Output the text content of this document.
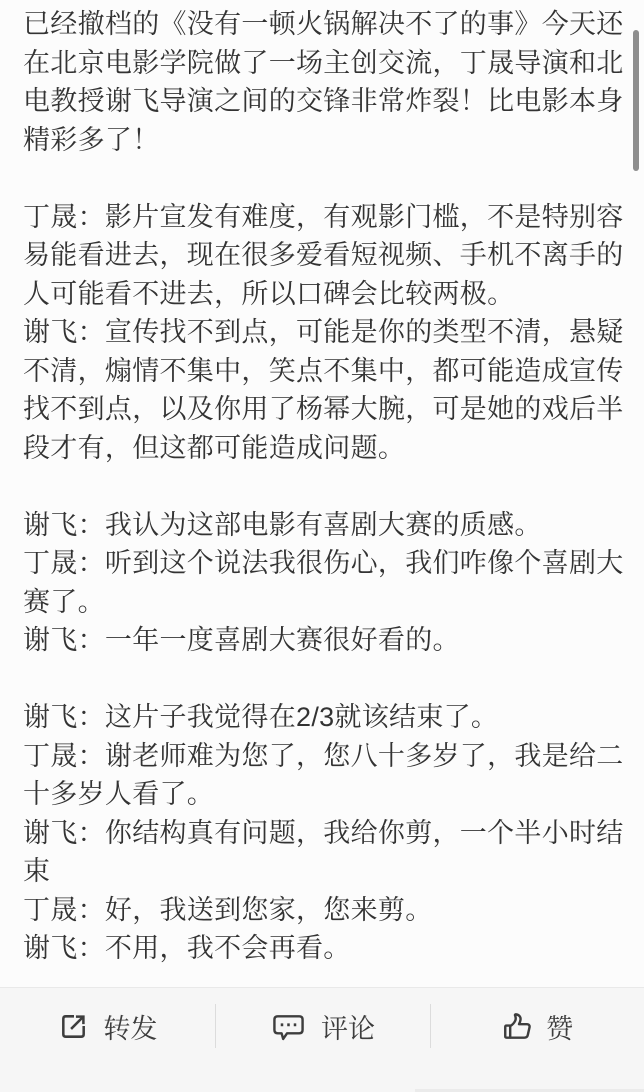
已经撤档的《没有一顿火锅解决不了的事》今天还
在北京电影学院做了一场主创交流，丁晟导演和北
电教授谢飞导演之间的交锋非常炸裂！比电影本身
精彩多了！
丁晟：影片宣发有难度，有观影门槛，不是特别容
易能看进去，现在很多爱看短视频、手机不离手的
人可能看不进去，所以口碑会比较两极。
谢飞：宣传找不到点，可能是你的类型不清，悬疑
不清，煽情不集中，笑点不集中，都可能造成宣传
找不到点，以及你用了杨幂大腕，可是她的戏后半
段才有，但这都可能造成问题。
谢飞：我认为这部电影有喜剧大赛的质感。
丁晟：听到这个说法我很伤心，我们咋像个喜剧大
赛了。
谢飞：一年一度喜剧大赛很好看的。
谢飞：这片子我觉得在2/3就该结束了。
丁晟：谢老师难为您了，您八十多岁了，我是给二
十多岁人看了。
谢飞：你结构真有问题，我给你剪，一个半小时结
束
丁晟：好，我送到您家，您来剪。
谢飞：不用，我不会再看。
转发	评论	赞
